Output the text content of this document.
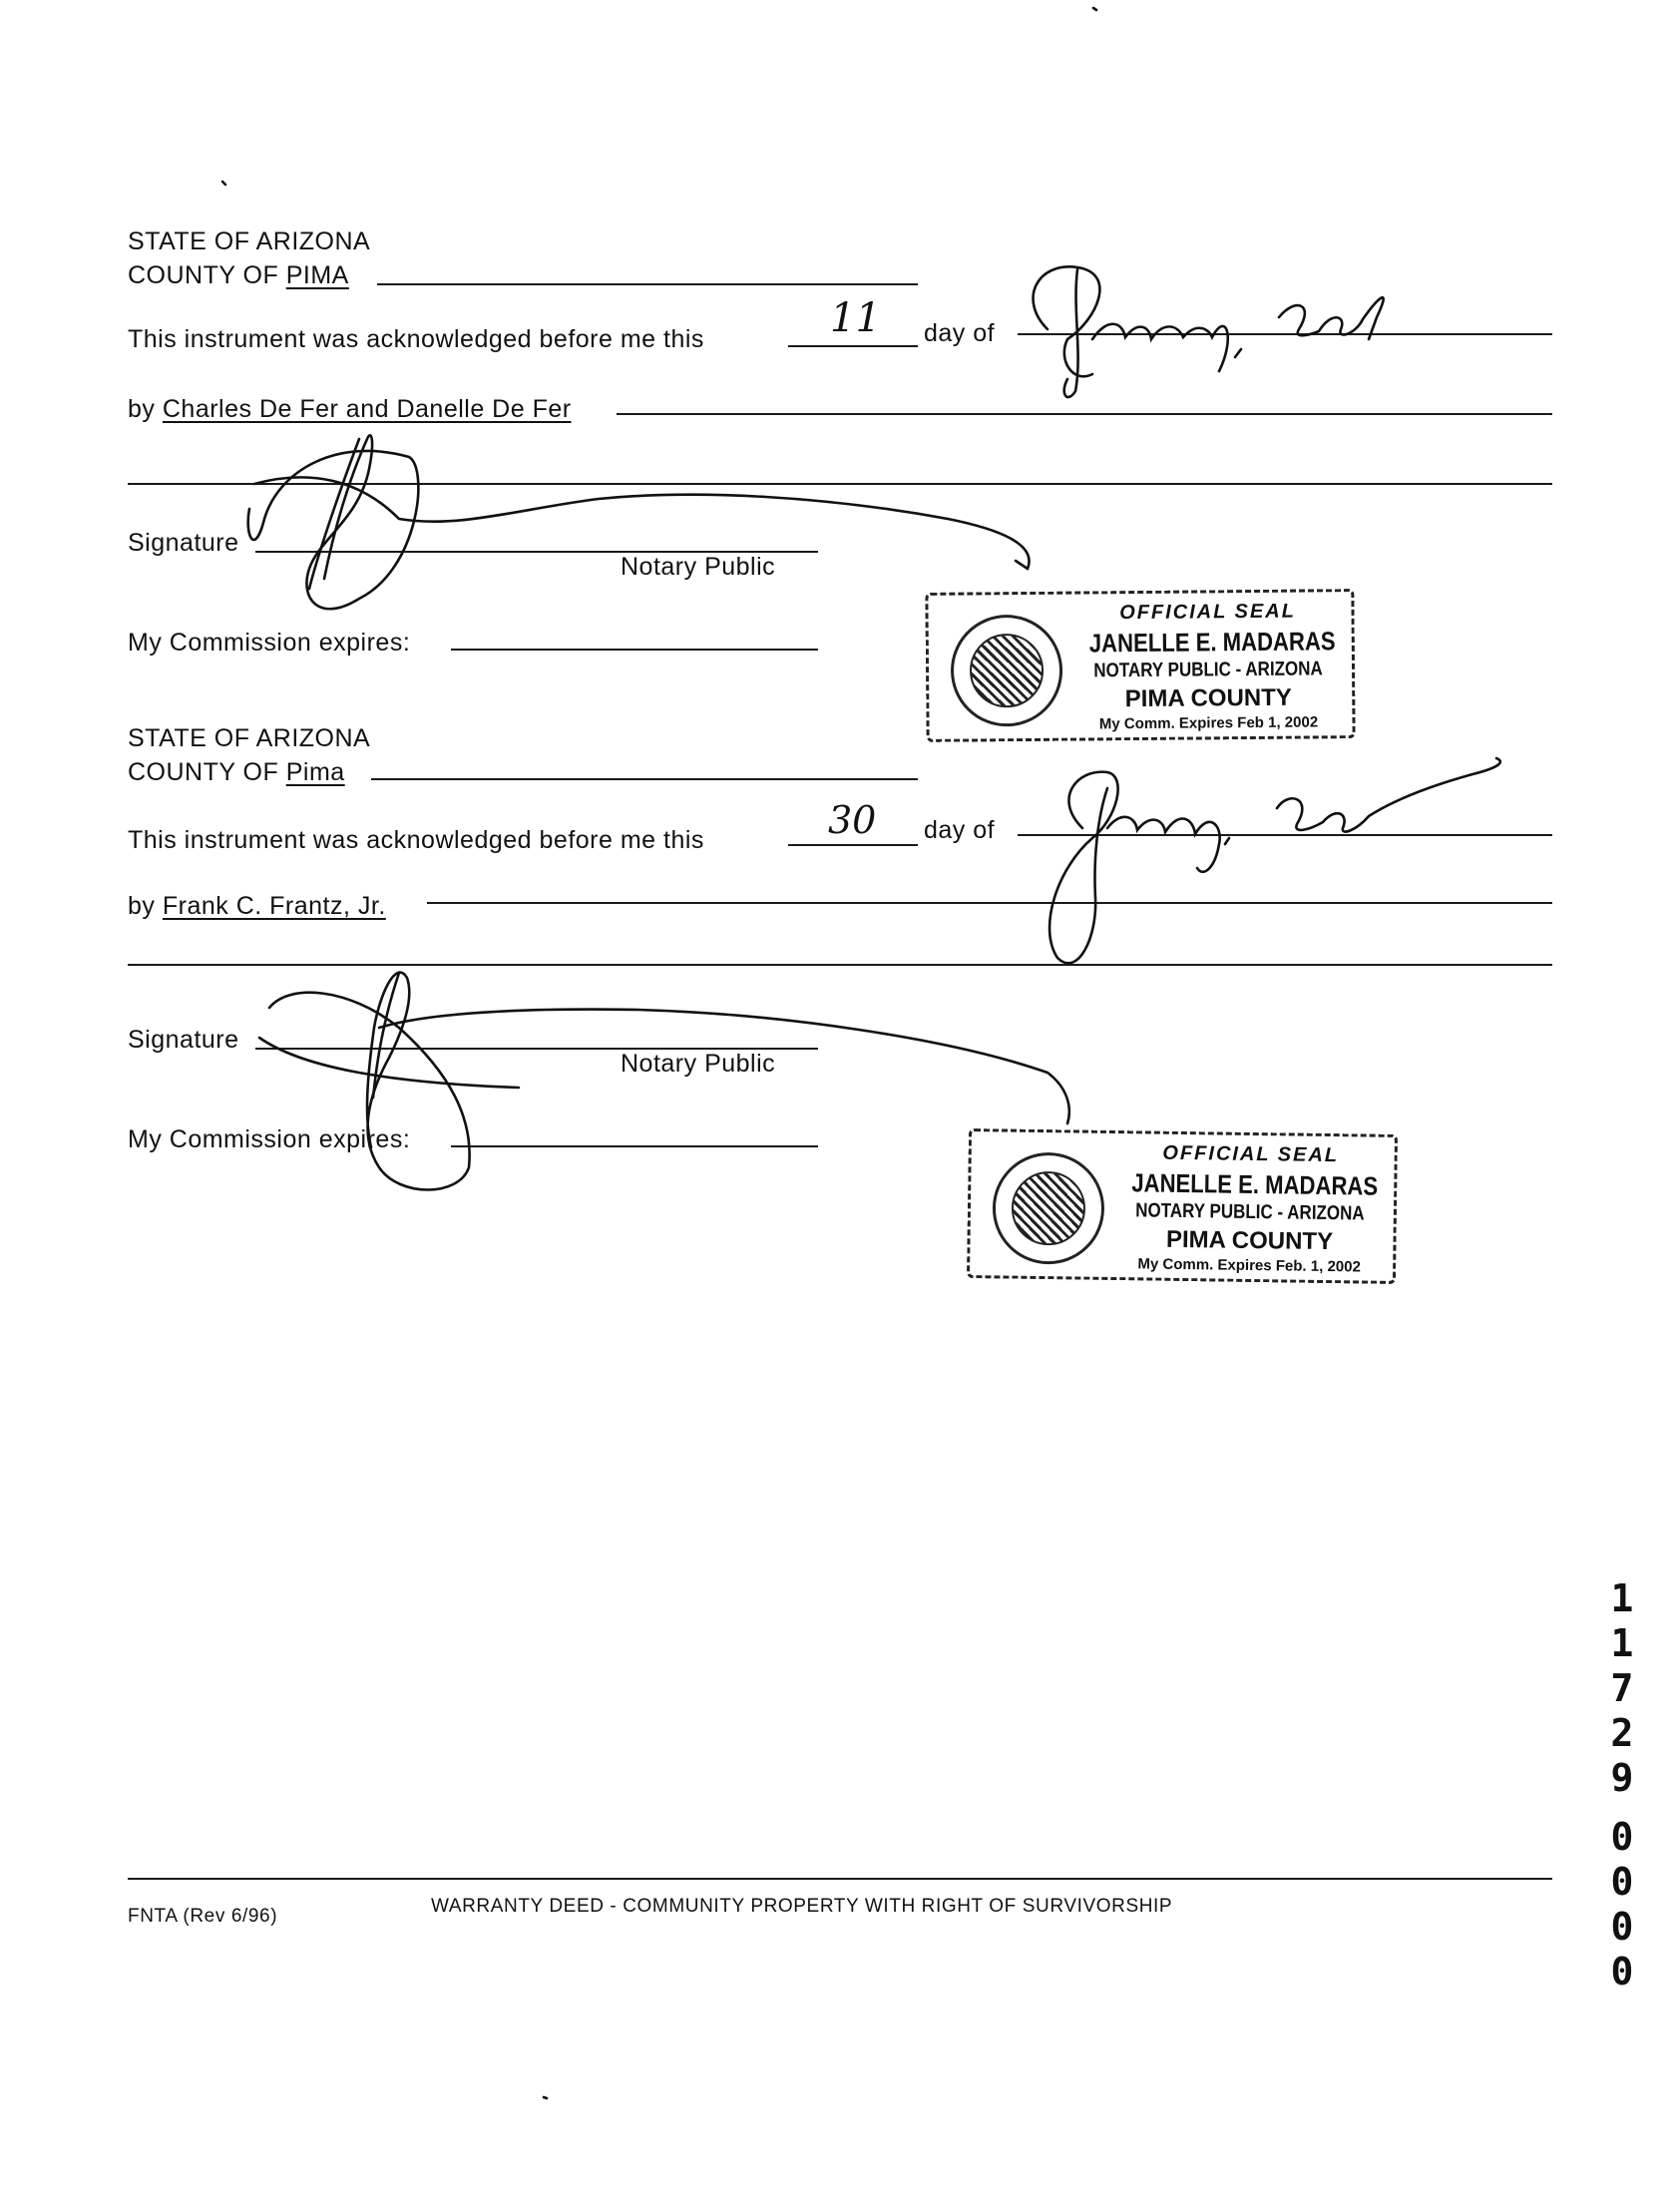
STATE OF ARIZONA
COUNTY OF PIMA
This instrument was acknowledged before me this	11 day of
by Charles De Fer and Danelle De Fer
Signature
Notary Public
My Commission expires:
OFFICIAL SEAL
JANELLE E. MADARAS
NOTARY PUBLIC - ARIZONA
PIMA COUNTY
My Comm. Expires Feb 1, 2002
STATE OF ARIZONA
COUNTY OF Pima
This instrument was acknowledged before me this	30 day of
by Frank C. Frantz, Jr.
Signature
Notary Public
My Commission expires:
OFFICIAL SEAL
JANELLE E. MADARAS
NOTARY PUBLIC - ARIZONA
PIMA COUNTY
My Comm. Expires Feb. 1, 2002
FNTA (Rev 6/96)	WARRANTY DEED - COMMUNITY PROPERTY WITH RIGHT OF SURVIVORSHIP
1
1
7
2
9
0
0
0
0
